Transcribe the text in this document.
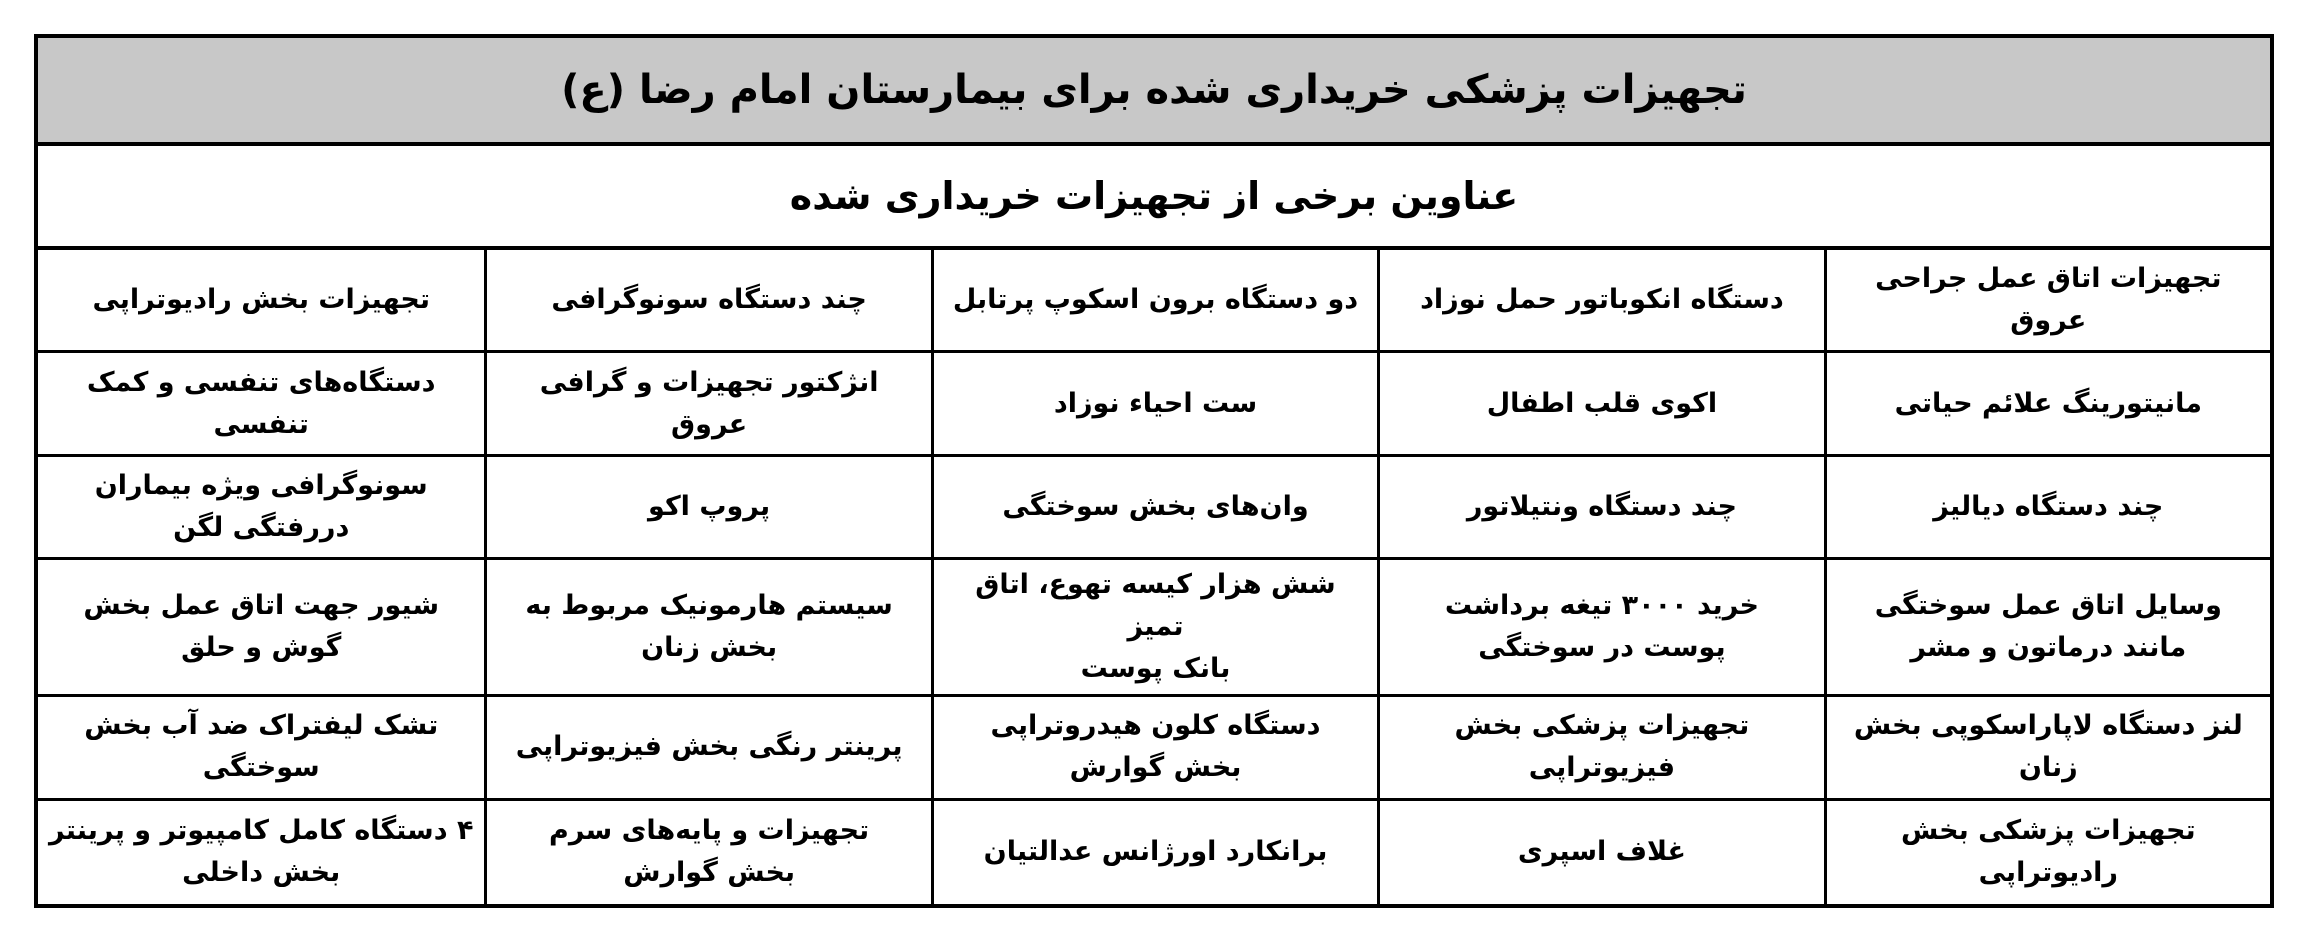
تجهیزات پزشکی خریداری شده برای بیمارستان امام رضا (ع)
عناوین برخی از تجهیزات خریداری شده
تجهیزات اتاق عمل جراحی عروق
دستگاه انکوباتور حمل نوزاد
دو دستگاه برون اسکوپ پرتابل
چند دستگاه سونوگرافی
تجهیزات بخش رادیوتراپی
مانیتورینگ علائم حیاتی
اکوی قلب اطفال
ست احیاء نوزاد
انژکتور تجهیزات و گرافی عروق
دستگاه‌های تنفسی و کمک تنفسی
چند دستگاه دیالیز
چند دستگاه ونتیلاتور
وان‌های بخش سوختگی
پروپ اکو
سونوگرافی ویژه بیماران دررفتگی لگن
وسایل اتاق عمل سوختگی
مانند درماتون و مشر
خرید ۳۰۰۰ تیغه برداشت
پوست در سوختگی
شش هزار کیسه تهوع، اتاق تمیز
بانک پوست
سیستم هارمونیک مربوط به بخش زنان
شیور جهت اتاق عمل بخش گوش و حلق
لنز دستگاه لاپاراسکوپی بخش زنان
تجهیزات پزشکی بخش فیزیوتراپی
دستگاه کلون هیدروتراپی
بخش گوارش
پرینتر رنگی بخش فیزیوتراپی
تشک لیفتراک ضد آب بخش سوختگی
تجهیزات پزشکی بخش رادیوتراپی
غلاف اسپری
برانکارد اورژانس عدالتیان
تجهیزات و پایه‌های سرم
بخش گوارش
۴ دستگاه کامل کامپیوتر و پرینتر
بخش داخلی
